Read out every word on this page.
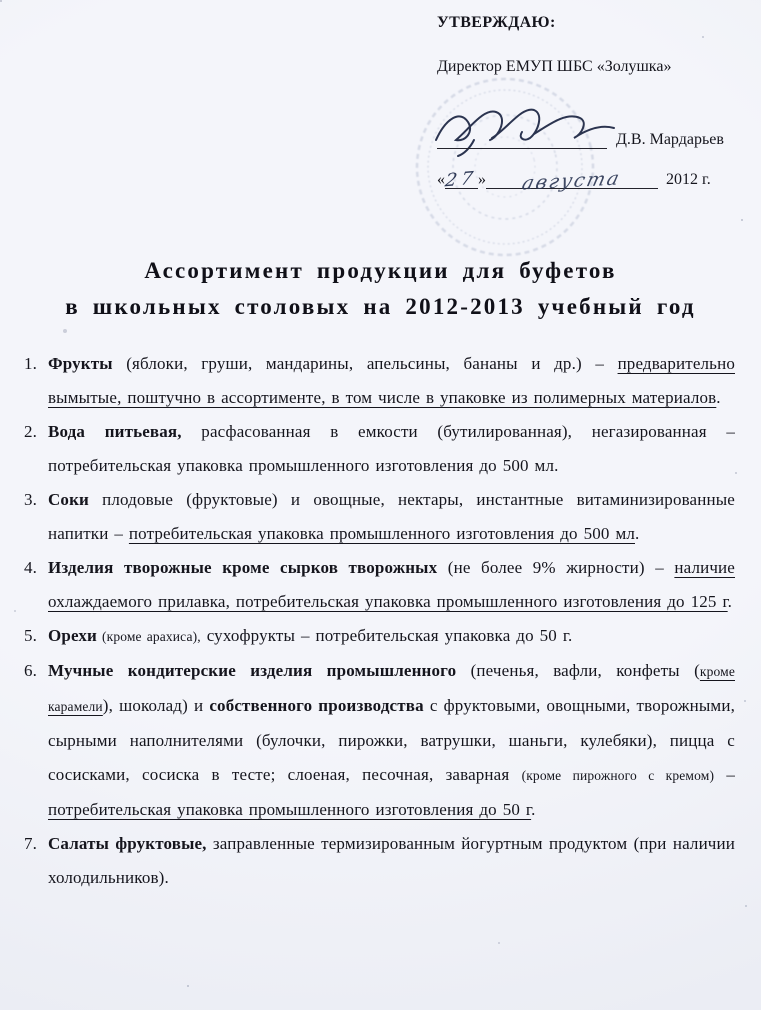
УТВЕРЖДАЮ:
Директор ЕМУП ШБС «Золушка»
Д.В. Мардарьев
«
27 »	августа	2012 г.
Ассортимент продукции для буфетов
в школьных столовых на 2012-2013 учебный год
1. Фрукты (яблоки, груши, мандарины, апельсины, бананы и др.) – предварительно вымытые, поштучно в ассортименте, в том числе в упаковке из полимерных материалов.
2. Вода питьевая, расфасованная в емкости (бутилированная), негазированная – потребительская упаковка промышленного изготовления до 500 мл.
3. Соки плодовые (фруктовые) и овощные, нектары, инстантные витаминизированные напитки – потребительская упаковка промышленного изготовления до 500 мл.
4. Изделия творожные кроме сырков творожных (не более 9% жирности) – наличие охлаждаемого прилавка, потребительская упаковка промышленного изготовления до 125 г.
5. Орехи (кроме арахиса), сухофрукты – потребительская упаковка до 50 г.
6. Мучные кондитерские изделия промышленного (печенья, вафли, конфеты (кроме карамели), шоколад) и собственного производства с фруктовыми, овощными, творожными, сырными наполнителями (булочки, пирожки, ватрушки, шаньги, кулебяки), пицца с сосисками, сосиска в тесте; слоеная, песочная, заварная (кроме пирожного с кремом) – потребительская упаковка промышленного изготовления до 50 г.
7. Салаты фруктовые, заправленные термизированным йогуртным продуктом (при наличии холодильников).
